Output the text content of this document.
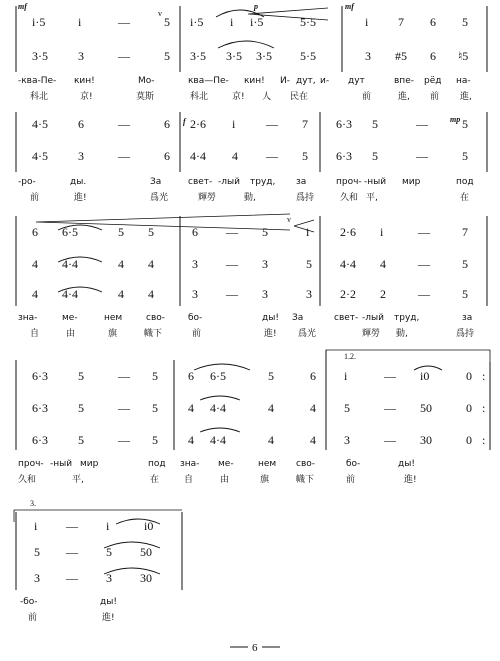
mf	p	mf
v
i·5	i	—	5 i·5 i i·5	5·5	i 7 6 5
3·5	3	—	5 3·5 3·5 3·5 5·5	3 #5 6 ♮5
-ква-Пе- кин!	Мо-	ква—Пе- кин! И- дут, и- дут	впе- рёд на-
科北	京!	莫斯	科北	京! 人 民在	前	進, 前 進,
f	mp
4·5	6	—	6 2·6 i	— 7 6·3 5	—	5
4·5	3	—	6 4·4 4 — 5 6·3 5	—	5
-ро-	ды.	За	свет- -лый труд, за	проч- -ный мир	под
前	進!	爲光	輝勞	動,	爲持	久和 平,	在
v
6 6·5	5 5	6 — 5	i	2·6 i	—	7
4 4·4	4 4	3 — 3	5 4·4 4	—	5
4 4·4	4 4	3 — 3	3 2·2 2	—	5
зна-	ме-	нем	сво-	бо-	ды! За	свет- -лый труд,	за
自	由	旗	幟下	前	進! 爲光	輝勞 動,	爲持
1.2.
6·3	5	— 5	6 6·5	5	6 i	— i0	0 :
6·3	5	— 5	4 4·4	4	4 5	— 50	0 :
6·3	5	— 5	4 4·4	4	4 3	— 30	0 :
проч- -ный мир	под зна- ме-	нем сво-	бо-	ды!
久和	平,	在	自	由	旗	幟下	前	進!
3.
i — i	i0
5 — 5 50
3 — 3 30
-бо-	ды!
前	進!
6
